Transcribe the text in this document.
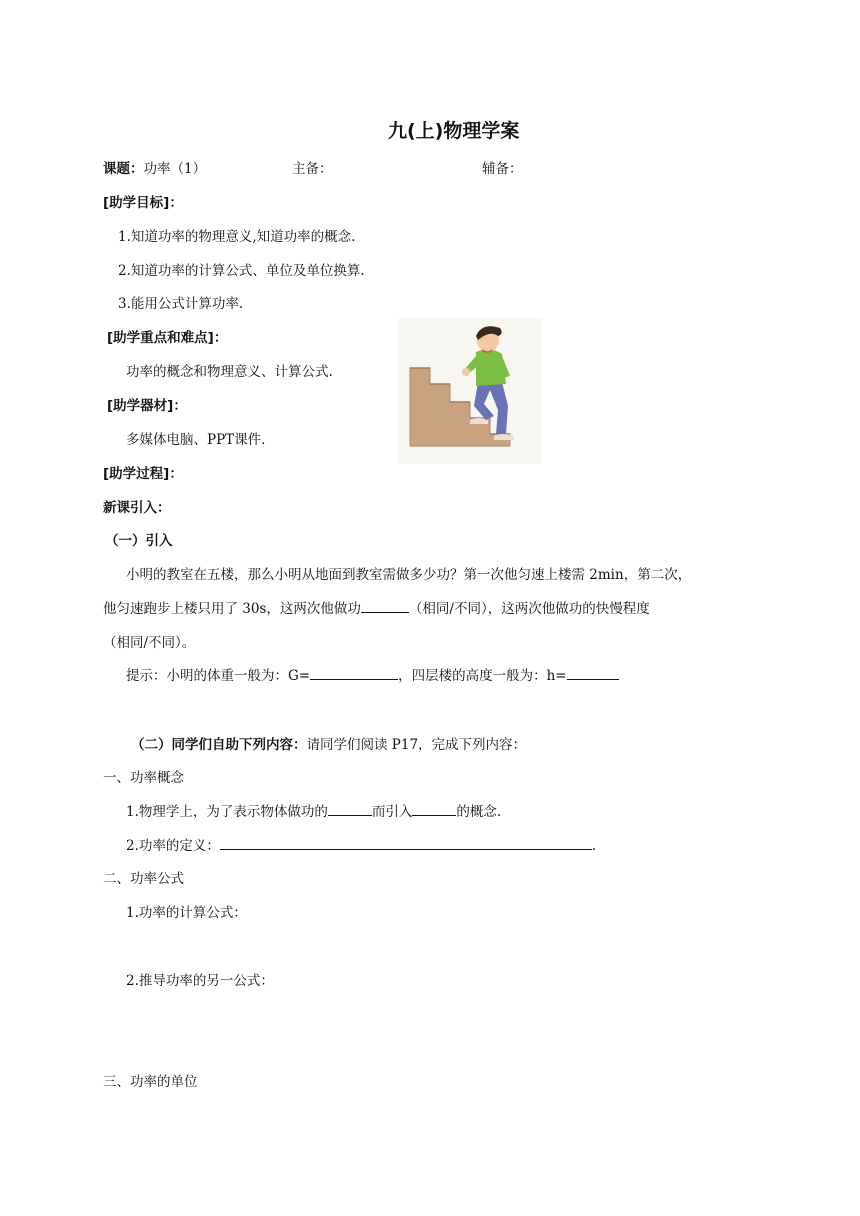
九(上)物理学案
课题：功率（1）	主备：	辅备：
[助学目标]：
1.知道功率的物理意义,知道功率的概念.
2.知道功率的计算公式、单位及单位换算.
3.能用公式计算功率.
[助学重点和难点]：
功率的概念和物理意义、计算公式.
[助学器材]：
多媒体电脑、PPT课件.
[助学过程]：
新课引入：
（一）引入
小明的教室在五楼，那么小明从地面到教室需做多少功？第一次他匀速上楼需 2min，第二次，
他匀速跑步上楼只用了 30s，这两次他做功	（相同/不同），这两次他做功的快慢程度
（相同/不同）。
提示：小明的体重一般为：G=	，四层楼的高度一般为：h=
（二）同学们自助下列内容：请同学们阅读 P17，完成下列内容：
一、功率概念
1.物理学上，为了表示物体做功的	而引入	的概念.
2.功率的定义：	.
二、功率公式
1.功率的计算公式：
2.推导功率的另一公式：
三、功率的单位
